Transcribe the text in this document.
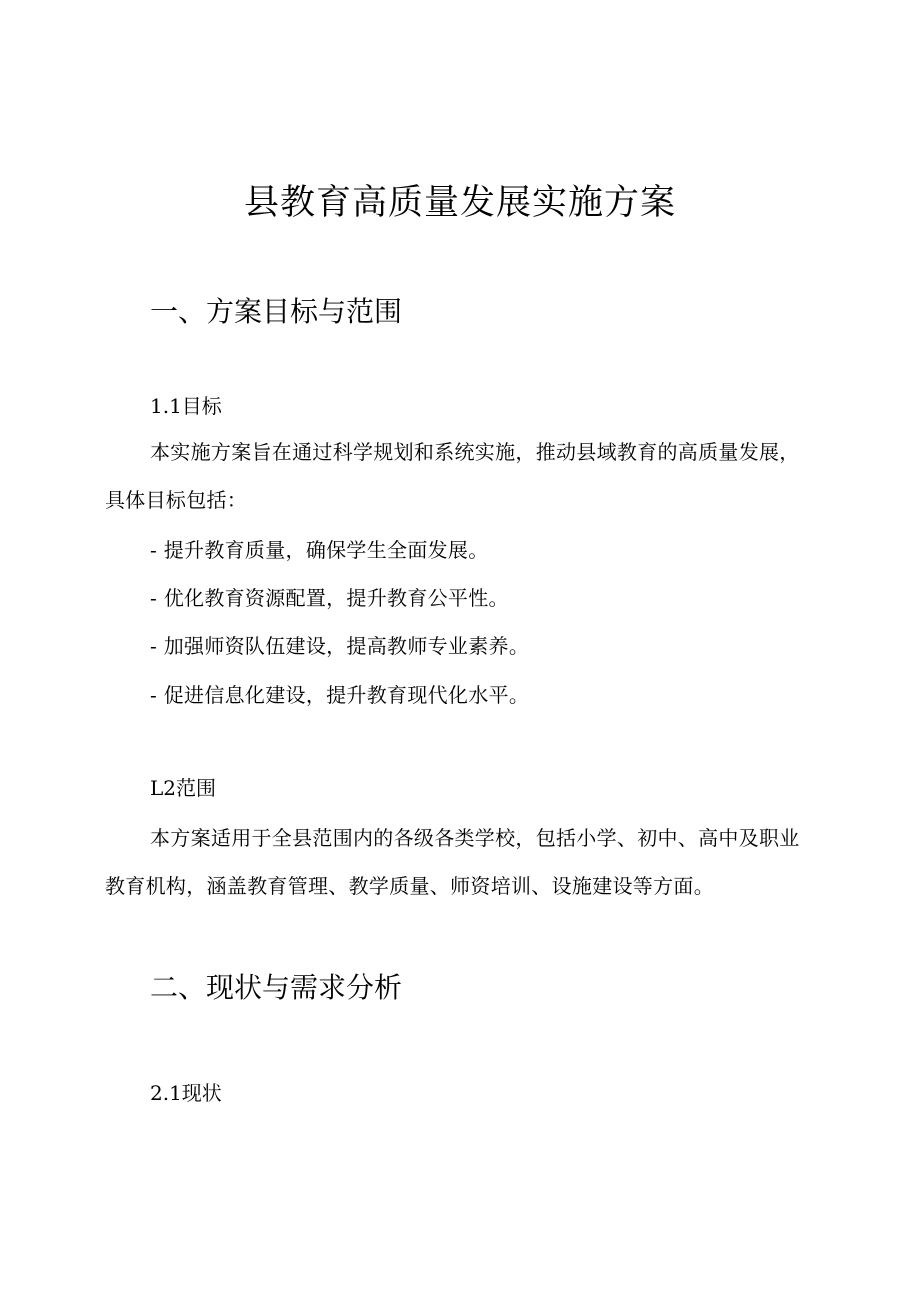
县教育高质量发展实施方案
一、方案目标与范围
1.1目标
本实施方案旨在通过科学规划和系统实施，推动县域教育的高质量发展，具体目标包括：
- 提升教育质量，确保学生全面发展。
- 优化教育资源配置，提升教育公平性。
- 加强师资队伍建设，提高教师专业素养。
- 促进信息化建设，提升教育现代化水平。
L2范围
本方案适用于全县范围内的各级各类学校，包括小学、初中、高中及职业教育机构，涵盖教育管理、教学质量、师资培训、设施建设等方面。
二、现状与需求分析
2.1现状
